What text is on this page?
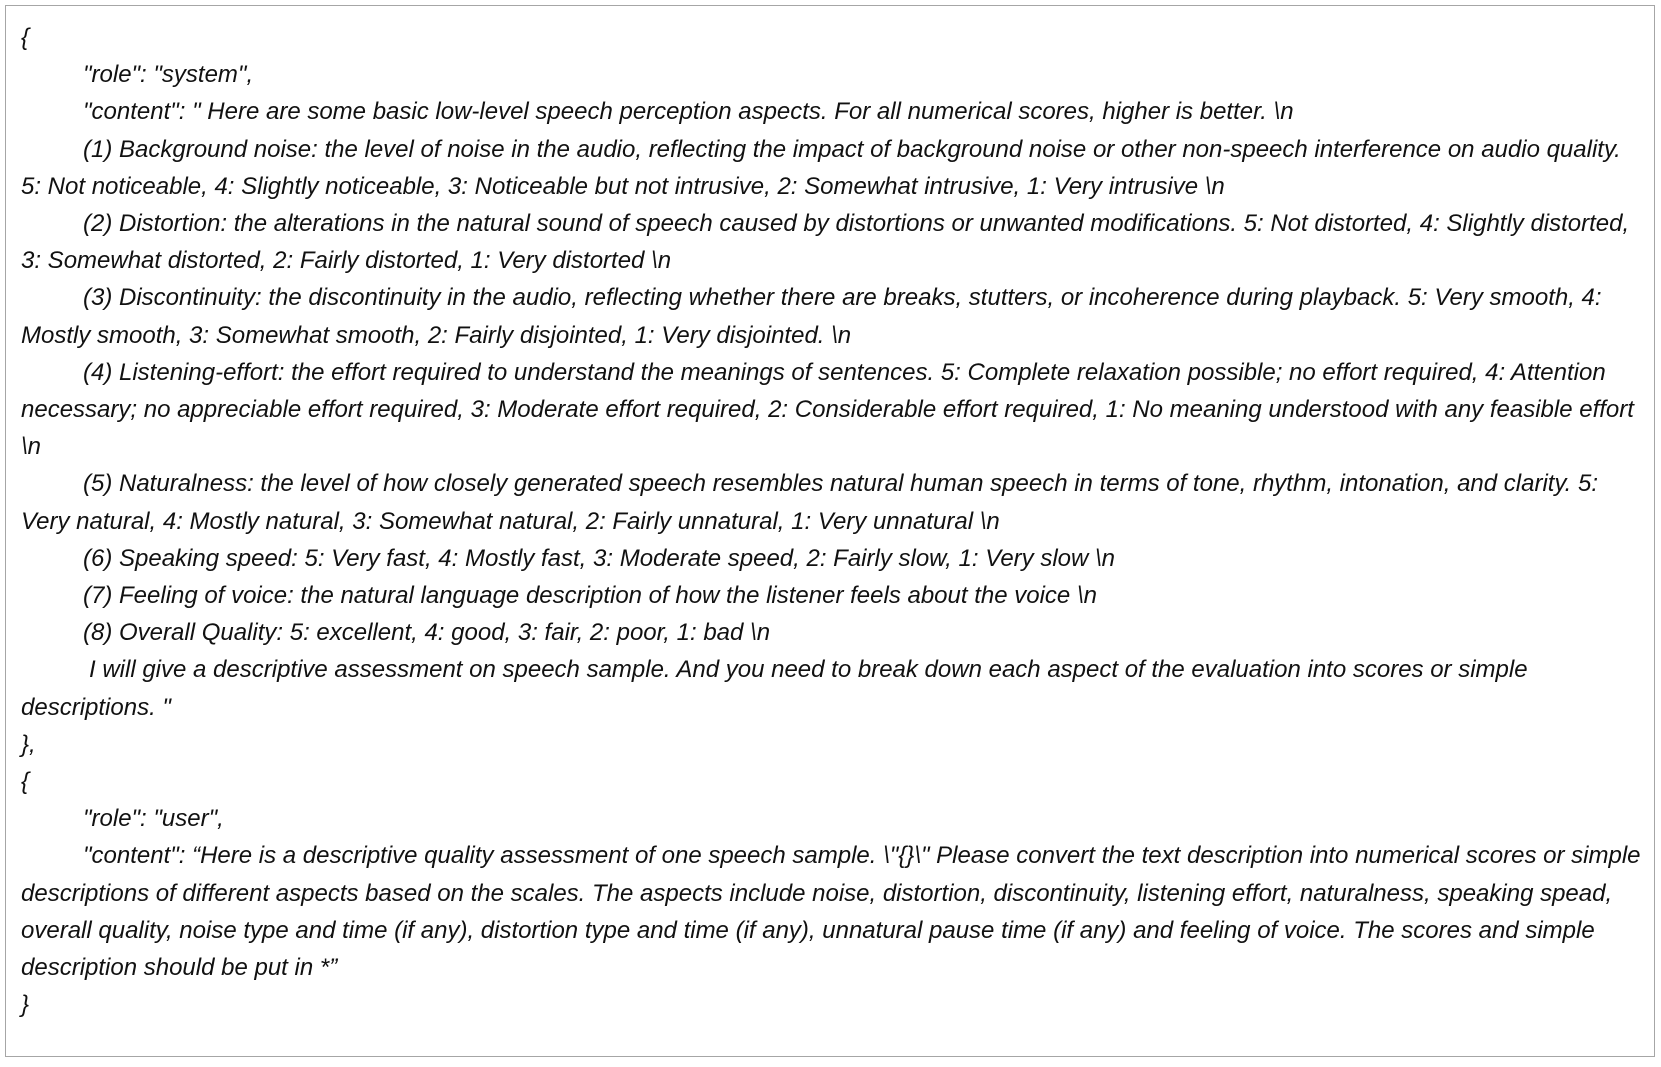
{

"role": "system",

"content": " Here are some basic low-level speech perception aspects. For all numerical scores, higher is better. \n

(1) Background noise: the level of noise in the audio, reflecting the impact of background noise or other non-speech interference on audio quality. 5: Not noticeable, 4: Slightly noticeable, 3: Noticeable but not intrusive, 2: Somewhat intrusive, 1: Very intrusive \n

(2) Distortion: the alterations in the natural sound of speech caused by distortions or unwanted modifications. 5: Not distorted, 4: Slightly distorted, 3: Somewhat distorted, 2: Fairly distorted, 1: Very distorted \n

(3) Discontinuity: the discontinuity in the audio, reflecting whether there are breaks, stutters, or incoherence during playback. 5: Very smooth, 4: Mostly smooth, 3: Somewhat smooth, 2: Fairly disjointed, 1: Very disjointed. \n

(4) Listening-effort: the effort required to understand the meanings of sentences. 5: Complete relaxation possible; no effort required, 4: Attention necessary; no appreciable effort required, 3: Moderate effort required, 2: Considerable effort required, 1: No meaning understood with any feasible effort \n

(5) Naturalness: the level of how closely generated speech resembles natural human speech in terms of tone, rhythm, intonation, and clarity. 5: Very natural, 4: Mostly natural, 3: Somewhat natural, 2: Fairly unnatural, 1: Very unnatural \n

(6) Speaking speed: 5: Very fast, 4: Mostly fast, 3: Moderate speed, 2: Fairly slow, 1: Very slow \n

(7) Feeling of voice: the natural language description of how the listener feels about the voice \n

(8) Overall Quality: 5: excellent, 4: good, 3: fair, 2: poor, 1: bad \n

I will give a descriptive assessment on speech sample. And you need to break down each aspect of the evaluation into scores or simple descriptions. "

},

{

"role": "user",

"content": “Here is a descriptive quality assessment of one speech sample. \"{}\" Please convert the text description into numerical scores or simple descriptions of different aspects based on the scales. The aspects include noise, distortion, discontinuity, listening effort, naturalness, speaking spead, overall quality, noise type and time (if any), distortion type and time (if any), unnatural pause time (if any) and feeling of voice. The scores and simple description should be put in *”

}
